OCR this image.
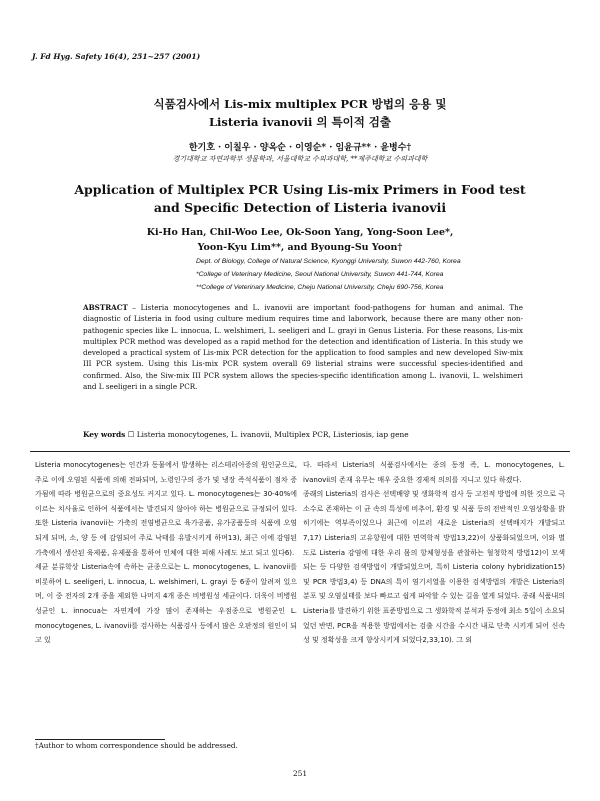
J. Fd Hyg. Safety 16(4), 251~257 (2001)
식품검사에서 Lis-mix multiplex PCR 방법의 응용 및
Listeria ivanovii 의 특이적 검출
한기호 · 이칠우 · 양옥순 · 이영순* · 임윤규** · 윤병수†
경기대학교 자연과학부 생물학과, 서울대학교 수의과대학, **제주대학교 수의과대학
Application of Multiplex PCR Using Lis-mix Primers in Food test
and Specific Detection of Listeria ivanovii
Ki-Ho Han, Chil-Woo Lee, Ok-Soon Yang, Yong-Soon Lee*,
Yoon-Kyu Lim**, and Byoung-Su Yoon†
Dept. of Biology, College of Natural Science, Kyonggi University, Suwon 442-760, Korea
*College of Veterinary Medicine, Seoul National University, Suwon 441-744, Korea
**College of Veterinary Medicine, Cheju National University, Cheju 690-756, Korea
ABSTRACT – Listeria monocytogenes and L. ivanovii are important food-pathogens for human and animal. The diagnostic of Listeria in food using culture medium requires time and laborwork, because there are many other non-pathogenic species like L. innocua, L. welshimeri, L. seeligeri and L. grayi in Genus Listeria. For these reasons, Lis-mix multiplex PCR method was developed as a rapid method for the detection and identification of Listeria. In this study we developed a practical system of Lis-mix PCR detection for the application to food samples and new developed Siw-mix III PCR system. Using this Lis-mix PCR system overall 69 listerial strains were successful species-identified and confirmed. Also, the Siw-mix III PCR system allows the species-specific identification among L. ivanovii, L. welshimeri and L seeligeri in a single PCR.
Key words ☐ Listeria monocytogenes, L. ivanovii, Multiplex PCR, Listeriosis, iap gene

Listeria monocytogenes는 인간과 동물에서 발생하는 리스테리아증의 원인균으로, 주로 이에 오염된 식품에 의해 전파되며, 노령인구의 증가 및 냉장 즉석식품이 점차 증가됨에 따라 병원균으로의 중요성도 커지고 있다. L. monocytogenes는 30-40%에 이르는 치사율로 인하여 식품에서는 발견되지 않아야 하는 병원균으로 규정되어 있다. 또한 Listeria ivanovii는 가축의 전염병균으로 육가공품, 유가공품등의 식품에 오염되게 되며, 소, 양 등 에 감염되어 주로 낙태를 유발시키게 하며13), 최근 이에 감염된 가축에서 생산된 육제품, 유제품을 통하여 인체에 대한 피해 사례도 보고 되고 있다6).

세균 분류학상 Listeria속에 속하는 균종으로는 L. monocytogenes, L. ivanovii를 비롯하여 L. seeligeri, L. innocua, L. welshimeri, L. grayi 등 6종이 알려져 있으며, 이 중 전자의 2개 종을 제외한 나머지 4개 종은 비병원성 세균이다. 더욱이 비병원성균인 L. innocua는 자연계에 가장 많이 존재하는 우점종으로 병원균인 L. monocytogenes, L. ivanovii를 검사하는 식품검사 등에서 많은 오판정의 원인이 되고 있

다. 따라서 Listeria의 식품검사에서는 종의 동정 즉, L. monocytogenes, L. ivanovii의 존재 유무는 매우 중요한 경제적 의의를 지니고 있다 하겠다.

종래의 Listeria의 검사은 선택배양 및 생화학적 검사 등 고전적 방법에 의한 것으로 극소수로 존재하는 이 균 속의 특성에 비추어, 환경 및 식품 등의 전반적인 오염상황을 밝히기에는 역부족이었으나 최근에 이르러 새로운 Listeria의 선택배지가 개발되고7,17) Listeria의 고유항원에 대한 면역학적 방법13,22)이 상품화되었으며, 이와 별도로 Listeria 감염에 대한 우리 몸의 항체형성을 관찰하는 혈청학적 방법12)이 모색되는 등 다양한 검색방법이 개발되었으며, 특히 Listeria colony hybridization15) 및 PCR 방법3,4) 등 DNA의 특이 염기서열을 이용한 검색방법의 개발은 Listeria의 분포 및 오염실태를 보다 빠르고 쉽게 파악할 수 있는 길을 열게 되었다. 종래 식품내의 Listeria를 발견하기 위한 표준방법으로 그 생화학적 분석과 동정에 최소 5일이 소요되었던 반면, PCR을 적용한 방법에서는 검출 시간을 수시간 내로 단축 시키게 되어 신속성 및 정확성을 크게 향상시키게 되었다2,33,10). 그 외

†Author to whom correspondence should be addressed.
251
